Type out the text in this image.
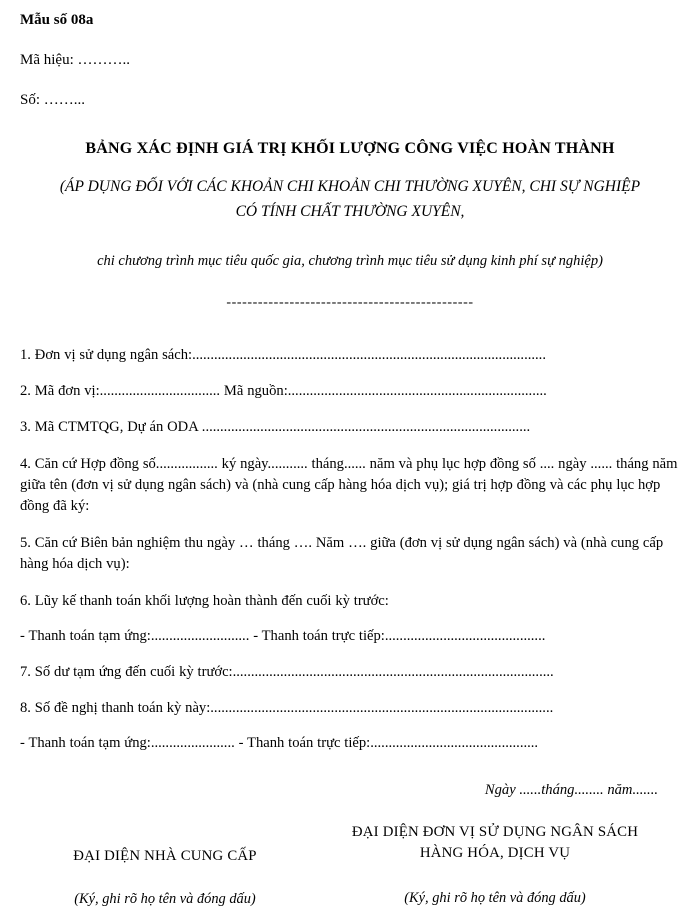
Mẫu số 08a

Mã hiệu: ………..

Số: ……...

BẢNG XÁC ĐỊNH GIÁ TRỊ KHỐI LƯỢNG CÔNG VIỆC HOÀN THÀNH

(ÁP DỤNG ĐỐI VỚI CÁC KHOẢN CHI KHOẢN CHI THƯỜNG XUYÊN, CHI SỰ NGHIỆP

CÓ TÍNH CHẤT THƯỜNG XUYÊN,

chi chương trình mục tiêu quốc gia, chương trình mục tiêu sử dụng kinh phí sự nghiệp)

-----------------------------------------------

1. Đơn vị sử dụng ngân sách:.................................................................................................

2. Mã đơn vị:................................. Mã nguồn:.......................................................................

3. Mã CTMTQG, Dự án ODA ..........................................................................................

4. Căn cứ Hợp đồng số................. ký ngày........... tháng...... năm và phụ lục hợp đồng số .... ngày ...... tháng năm giữa tên (đơn vị sử dụng ngân sách) và (nhà cung cấp hàng hóa dịch vụ); giá trị hợp đồng và các phụ lục hợp đồng đã ký:

5. Căn cứ Biên bản nghiệm thu ngày … tháng …. Năm …. giữa (đơn vị sử dụng ngân sách) và (nhà cung cấp hàng hóa dịch vụ):

6. Lũy kế thanh toán khối lượng hoàn thành đến cuối kỳ trước:

- Thanh toán tạm ứng:........................... - Thanh toán trực tiếp:............................................

7. Số dư tạm ứng đến cuối kỳ trước:........................................................................................

8. Số đề nghị thanh toán kỳ này:..............................................................................................

- Thanh toán tạm ứng:....................... - Thanh toán trực tiếp:..............................................

Ngày ......tháng........ năm.......

ĐẠI DIỆN NHÀ CUNG CẤP

(Ký, ghi rõ họ tên và đóng dấu)

ĐẠI DIỆN ĐƠN VỊ SỬ DỤNG NGÂN SÁCH

HÀNG HÓA, DỊCH VỤ

(Ký, ghi rõ họ tên và đóng dấu)
